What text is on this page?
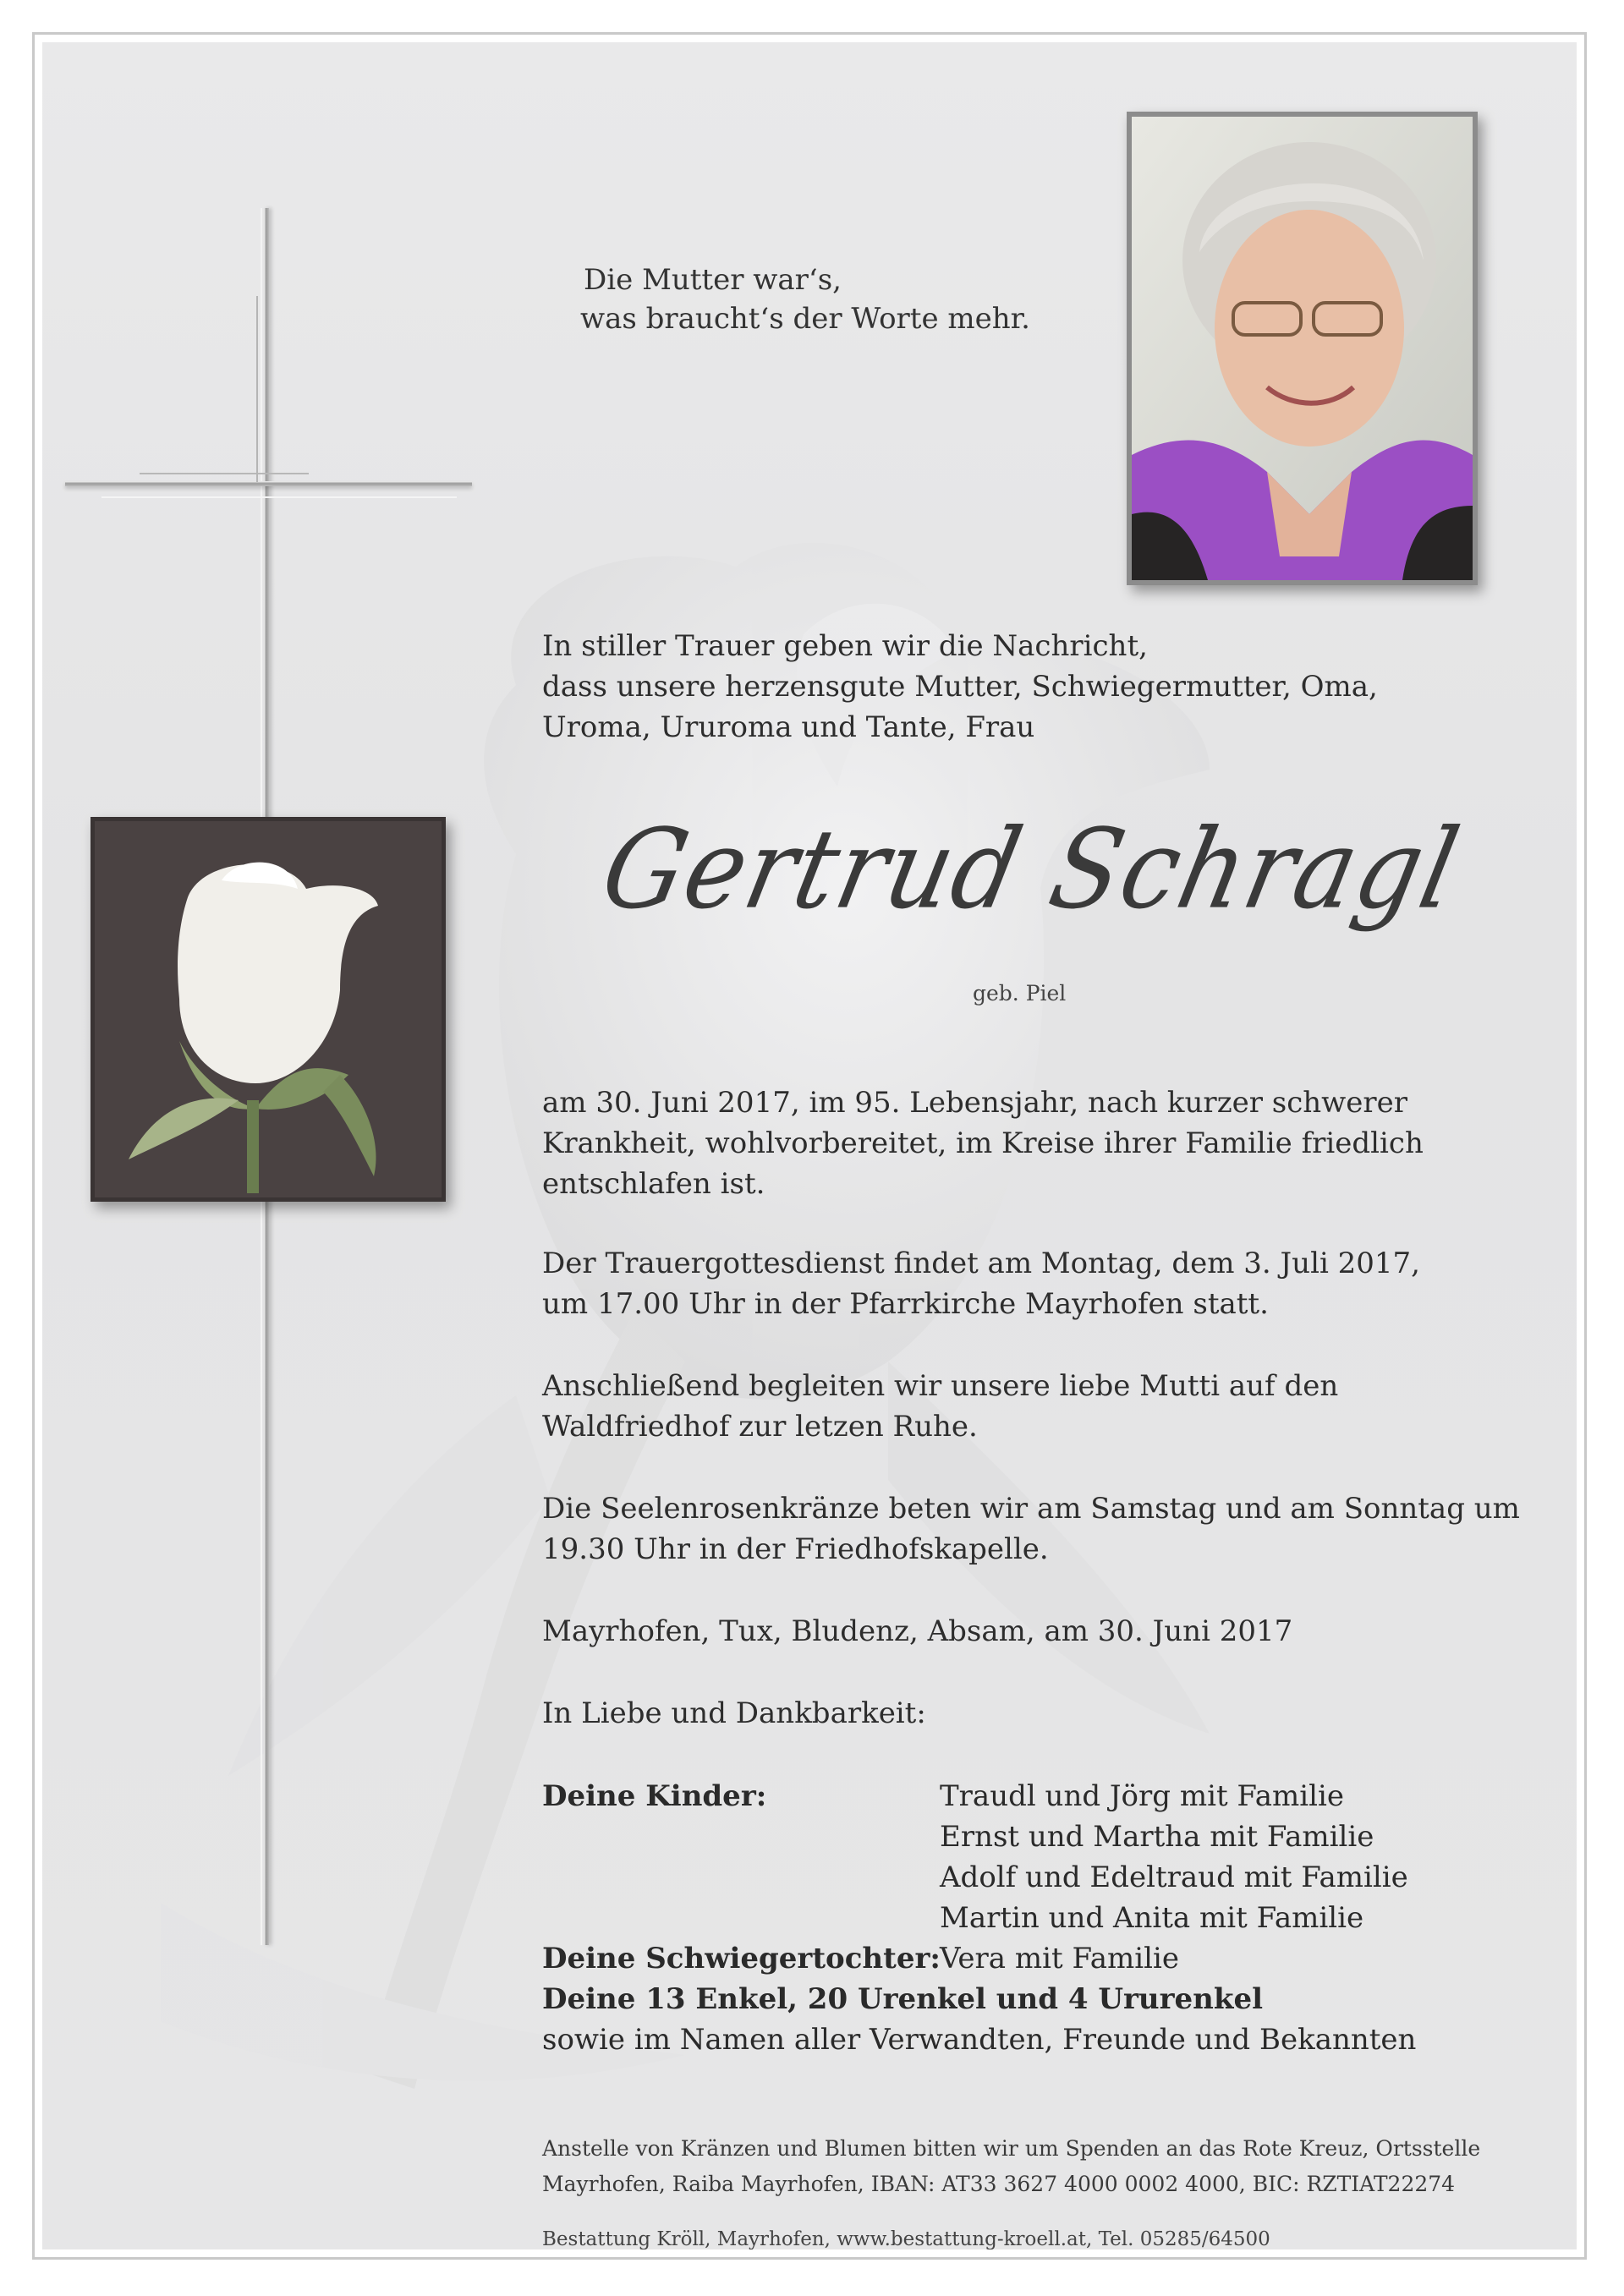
Die Mutter war‘s,
was braucht‘s der Worte mehr.
In stiller Trauer geben wir die Nachricht,
dass unsere herzensgute Mutter, Schwiegermutter, Oma,
Uroma, Ururoma und Tante, Frau
Gertrud Schragl
geb. Piel
am 30. Juni 2017, im 95. Lebensjahr, nach kurzer schwerer
Krankheit, wohlvorbereitet, im Kreise ihrer Familie friedlich
entschlafen ist.
Der Trauergottesdienst findet am Montag, dem 3. Juli 2017,
um 17.00 Uhr in der Pfarrkirche Mayrhofen statt.
Anschließend begleiten wir unsere liebe Mutti auf den
Waldfriedhof zur letzen Ruhe.
Die Seelenrosenkränze beten wir am Samstag und am Sonntag um
19.30 Uhr in der Friedhofskapelle.
Mayrhofen, Tux, Bludenz, Absam, am 30. Juni 2017
In Liebe und Dankbarkeit:
Deine Kinder:	Traudl und Jörg mit Familie
Ernst und Martha mit Familie
Adolf und Edeltraud mit Familie
Martin und Anita mit Familie
Deine Schwiegertochter: Vera mit Familie
Deine 13 Enkel, 20 Urenkel und 4 Ururenkel
sowie im Namen aller Verwandten, Freunde und Bekannten
Anstelle von Kränzen und Blumen bitten wir um Spenden an das Rote Kreuz, Ortsstelle
Mayrhofen, Raiba Mayrhofen, IBAN: AT33 3627 4000 0002 4000, BIC: RZTIAT22274
Bestattung Kröll, Mayrhofen, www.bestattung-kroell.at, Tel. 05285/64500
